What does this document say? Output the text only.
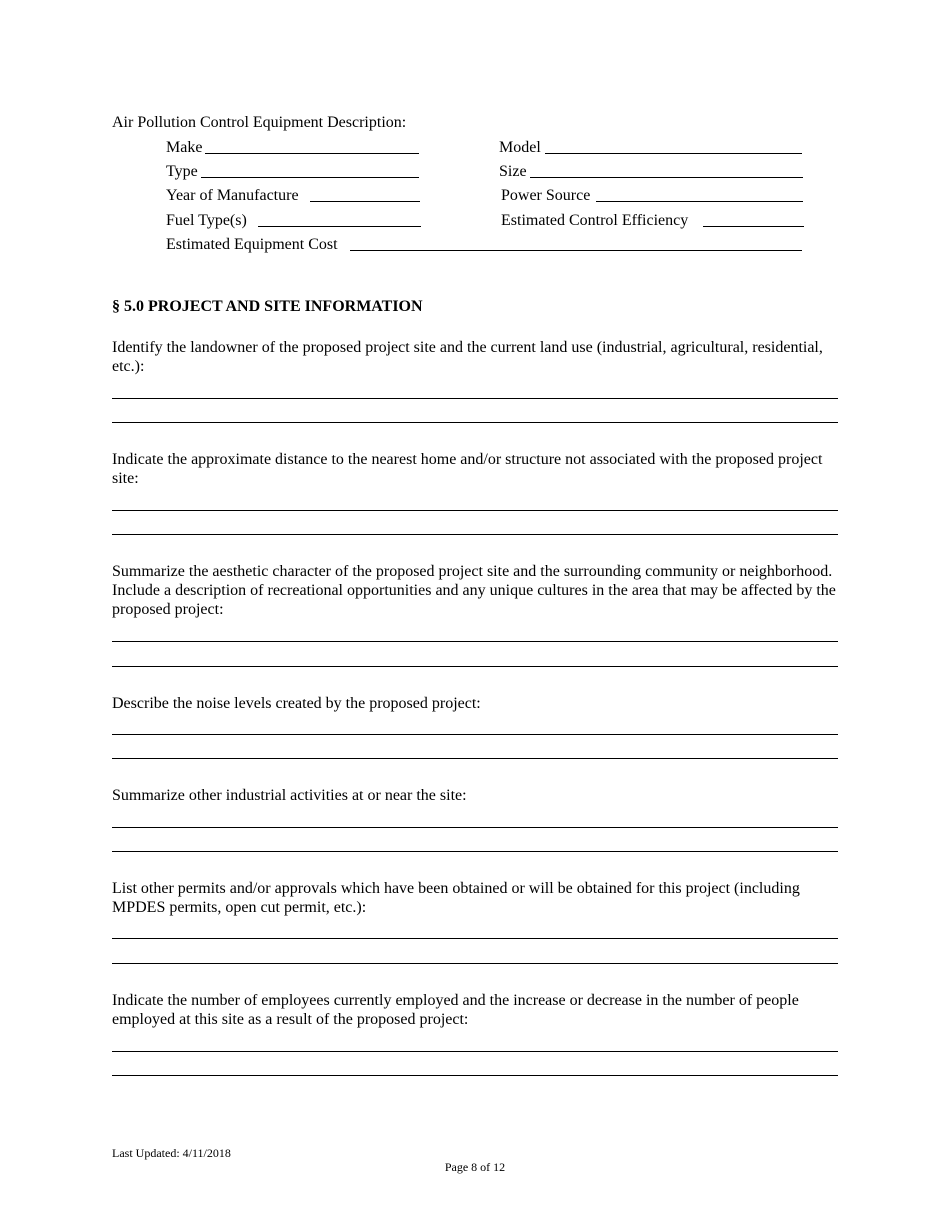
Air Pollution Control Equipment Description:
Make	Model
Type	Size
Year of Manufacture	Power Source
Fuel Type(s)	Estimated Control Efficiency
Estimated Equipment Cost
§ 5.0 PROJECT AND SITE INFORMATION
Identify the landowner of the proposed project site and the current land use (industrial, agricultural, residential, etc.):
Indicate the approximate distance to the nearest home and/or structure not associated with the proposed project site:
Summarize the aesthetic character of the proposed project site and the surrounding community or neighborhood. Include a description of recreational opportunities and any unique cultures in the area that may be affected by the proposed project:
Describe the noise levels created by the proposed project:
Summarize other industrial activities at or near the site:
List other permits and/or approvals which have been obtained or will be obtained for this project (including MPDES permits, open cut permit, etc.):
Indicate the number of employees currently employed and the increase or decrease in the number of people employed at this site as a result of the proposed project:
Last Updated: 4/11/2018
Page 8 of 12
